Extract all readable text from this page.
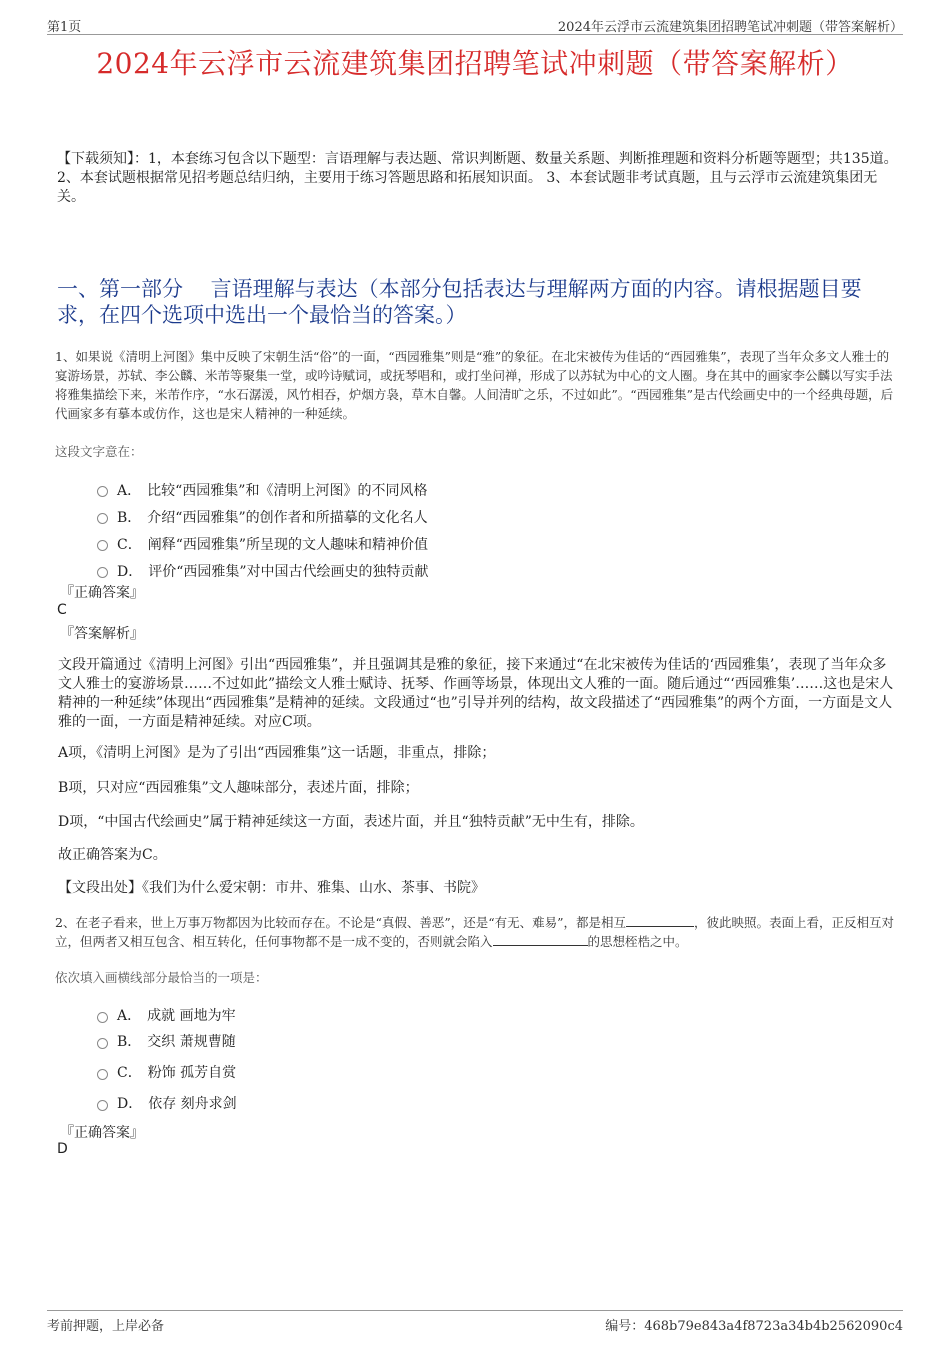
第1页	2024年云浮市云流建筑集团招聘笔试冲刺题（带答案解析）
2024年云浮市云流建筑集团招聘笔试冲刺题（带答案解析）
【下载须知】：1，本套练习包含以下题型：言语理解与表达题、常识判断题、数量关系题、判断推理题和资料分析题等题型；共135道。 2、本套试题根据常见招考题总结归纳，主要用于练习答题思路和拓展知识面。 3、本套试题非考试真题，且与云浮市云流建筑集团无关。
一、第一部分　 言语理解与表达（本部分包括表达与理解两方面的内容。请根据题目要求，在四个选项中选出一个最恰当的答案。）
1、如果说《清明上河图》集中反映了宋朝生活“俗”的一面，“西园雅集”则是“雅”的象征。在北宋被传为佳话的“西园雅集”，表现了当年众多文人雅士的宴游场景，苏轼、李公麟、米芾等聚集一堂，或吟诗赋词，或抚琴唱和，或打坐问禅，形成了以苏轼为中心的文人圈。身在其中的画家李公麟以写实手法将雅集描绘下来，米芾作序，“水石潺湲，风竹相吞，炉烟方袅，草木自馨。人间清旷之乐，不过如此”。“西园雅集”是古代绘画史中的一个经典母题，后代画家多有摹本或仿作，这也是宋人精神的一种延续。
这段文字意在：
A． 比较“西园雅集”和《清明上河图》的不同风格
B． 介绍“西园雅集”的创作者和所描摹的文化名人
C． 阐释“西园雅集”所呈现的文人趣味和精神价值
D． 评价“西园雅集”对中国古代绘画史的独特贡献
『正确答案』
C
『答案解析』
文段开篇通过《清明上河图》引出“西园雅集”，并且强调其是雅的象征，接下来通过“在北宋被传为佳话的‘西园雅集’，表现了当年众多文人雅士的宴游场景……不过如此”描绘文人雅士赋诗、抚琴、作画等场景，体现出文人雅的一面。随后通过“‘西园雅集’……这也是宋人精神的一种延续”体现出“西园雅集”是精神的延续。文段通过“也”引导并列的结构，故文段描述了“西园雅集”的两个方面，一方面是文人雅的一面，一方面是精神延续。对应C项。
A项，《清明上河图》是为了引出“西园雅集”这一话题，非重点，排除；
B项，只对应“西园雅集”文人趣味部分，表述片面，排除；
D项，“中国古代绘画史”属于精神延续这一方面，表述片面，并且“独特贡献”无中生有，排除。
故正确答案为C。
【文段出处】《我们为什么爱宋朝：市井、雅集、山水、茶事、书院》
2、在老子看来，世上万事万物都因为比较而存在。不论是“真假、善恶”，还是“有无、难易”，都是相互	，彼此映照。表面上看，正反相互对立，但两者又相互包含、相互转化，任何事物都不是一成不变的，否则就会陷入	的思想桎梏之中。
依次填入画横线部分最恰当的一项是：
A． 成就 画地为牢
B． 交织 萧规曹随
C． 粉饰 孤芳自赏
D． 依存 刻舟求剑
『正确答案』
D
考前押题，上岸必备	编号：468b79e843a4f8723a34b4b2562090c4
